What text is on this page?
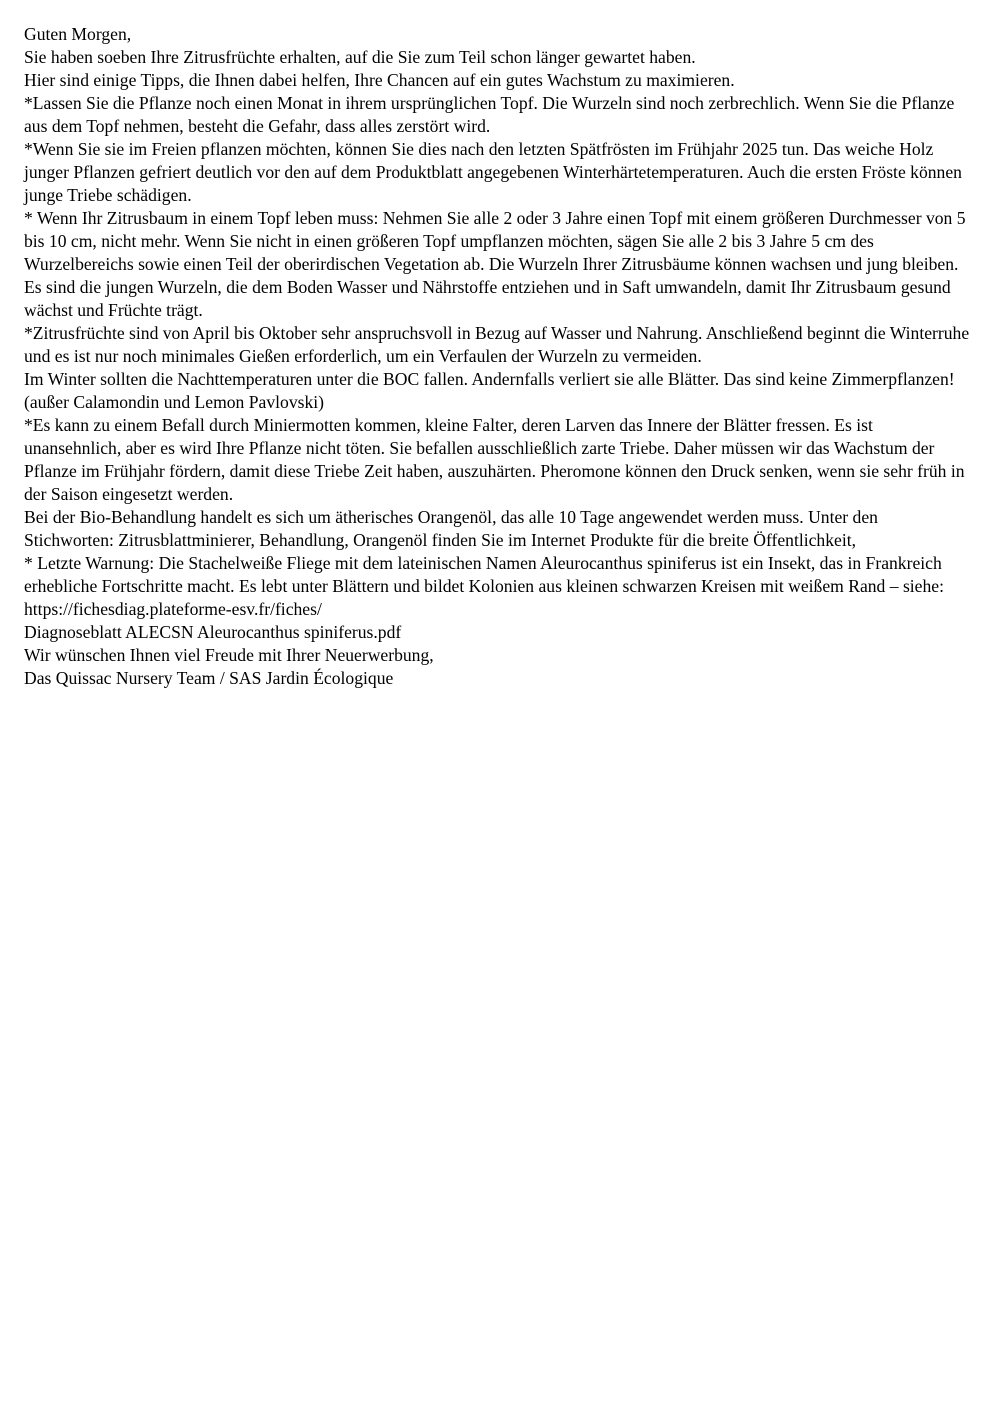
Guten Morgen,

Sie haben soeben Ihre Zitrusfrüchte erhalten, auf die Sie zum Teil schon länger gewartet haben.

Hier sind einige Tipps, die Ihnen dabei helfen, Ihre Chancen auf ein gutes Wachstum zu maximieren.

*Lassen Sie die Pflanze noch einen Monat in ihrem ursprünglichen Topf. Die Wurzeln sind noch zerbrechlich. Wenn Sie die Pflanze aus dem Topf nehmen, besteht die Gefahr, dass alles zerstört wird.

*Wenn Sie sie im Freien pflanzen möchten, können Sie dies nach den letzten Spätfrösten im Frühjahr 2025 tun. Das weiche Holz junger Pflanzen gefriert deutlich vor den auf dem Produktblatt angegebenen Winterhärtetemperaturen. Auch die ersten Fröste können junge Triebe schädigen.

* Wenn Ihr Zitrusbaum in einem Topf leben muss: Nehmen Sie alle 2 oder 3 Jahre einen Topf mit einem größeren Durchmesser von 5 bis 10 cm, nicht mehr. Wenn Sie nicht in einen größeren Topf umpflanzen möchten, sägen Sie alle 2 bis 3 Jahre 5 cm des Wurzelbereichs sowie einen Teil der oberirdischen Vegetation ab. Die Wurzeln Ihrer Zitrusbäume können wachsen und jung bleiben. Es sind die jungen Wurzeln, die dem Boden Wasser und Nährstoffe entziehen und in Saft umwandeln, damit Ihr Zitrusbaum gesund wächst und Früchte trägt.

*Zitrusfrüchte sind von April bis Oktober sehr anspruchsvoll in Bezug auf Wasser und Nahrung. Anschließend beginnt die Winterruhe und es ist nur noch minimales Gießen erforderlich, um ein Verfaulen der Wurzeln zu vermeiden.

Im Winter sollten die Nachttemperaturen unter die BOC fallen. Andernfalls verliert sie alle Blätter. Das sind keine Zimmerpflanzen! (außer Calamondin und Lemon Pavlovski)

*Es kann zu einem Befall durch Miniermotten kommen, kleine Falter, deren Larven das Innere der Blätter fressen. Es ist unansehnlich, aber es wird Ihre Pflanze nicht töten. Sie befallen ausschließlich zarte Triebe. Daher müssen wir das Wachstum der Pflanze im Frühjahr fördern, damit diese Triebe Zeit haben, auszuhärten. Pheromone können den Druck senken, wenn sie sehr früh in der Saison eingesetzt werden.

Bei der Bio-Behandlung handelt es sich um ätherisches Orangenöl, das alle 10 Tage angewendet werden muss. Unter den Stichworten: Zitrusblattminierer, Behandlung, Orangenöl finden Sie im Internet Produkte für die breite Öffentlichkeit,

* Letzte Warnung: Die Stachelweiße Fliege mit dem lateinischen Namen Aleurocanthus spiniferus ist ein Insekt, das in Frankreich erhebliche Fortschritte macht. Es lebt unter Blättern und bildet Kolonien aus kleinen schwarzen Kreisen mit weißem Rand – siehe:

https://fichesdiag.plateforme-esv.fr/fiches/

Diagnoseblatt ALECSN Aleurocanthus spiniferus.pdf

Wir wünschen Ihnen viel Freude mit Ihrer Neuerwerbung,

Das Quissac Nursery Team / SAS Jardin Écologique
